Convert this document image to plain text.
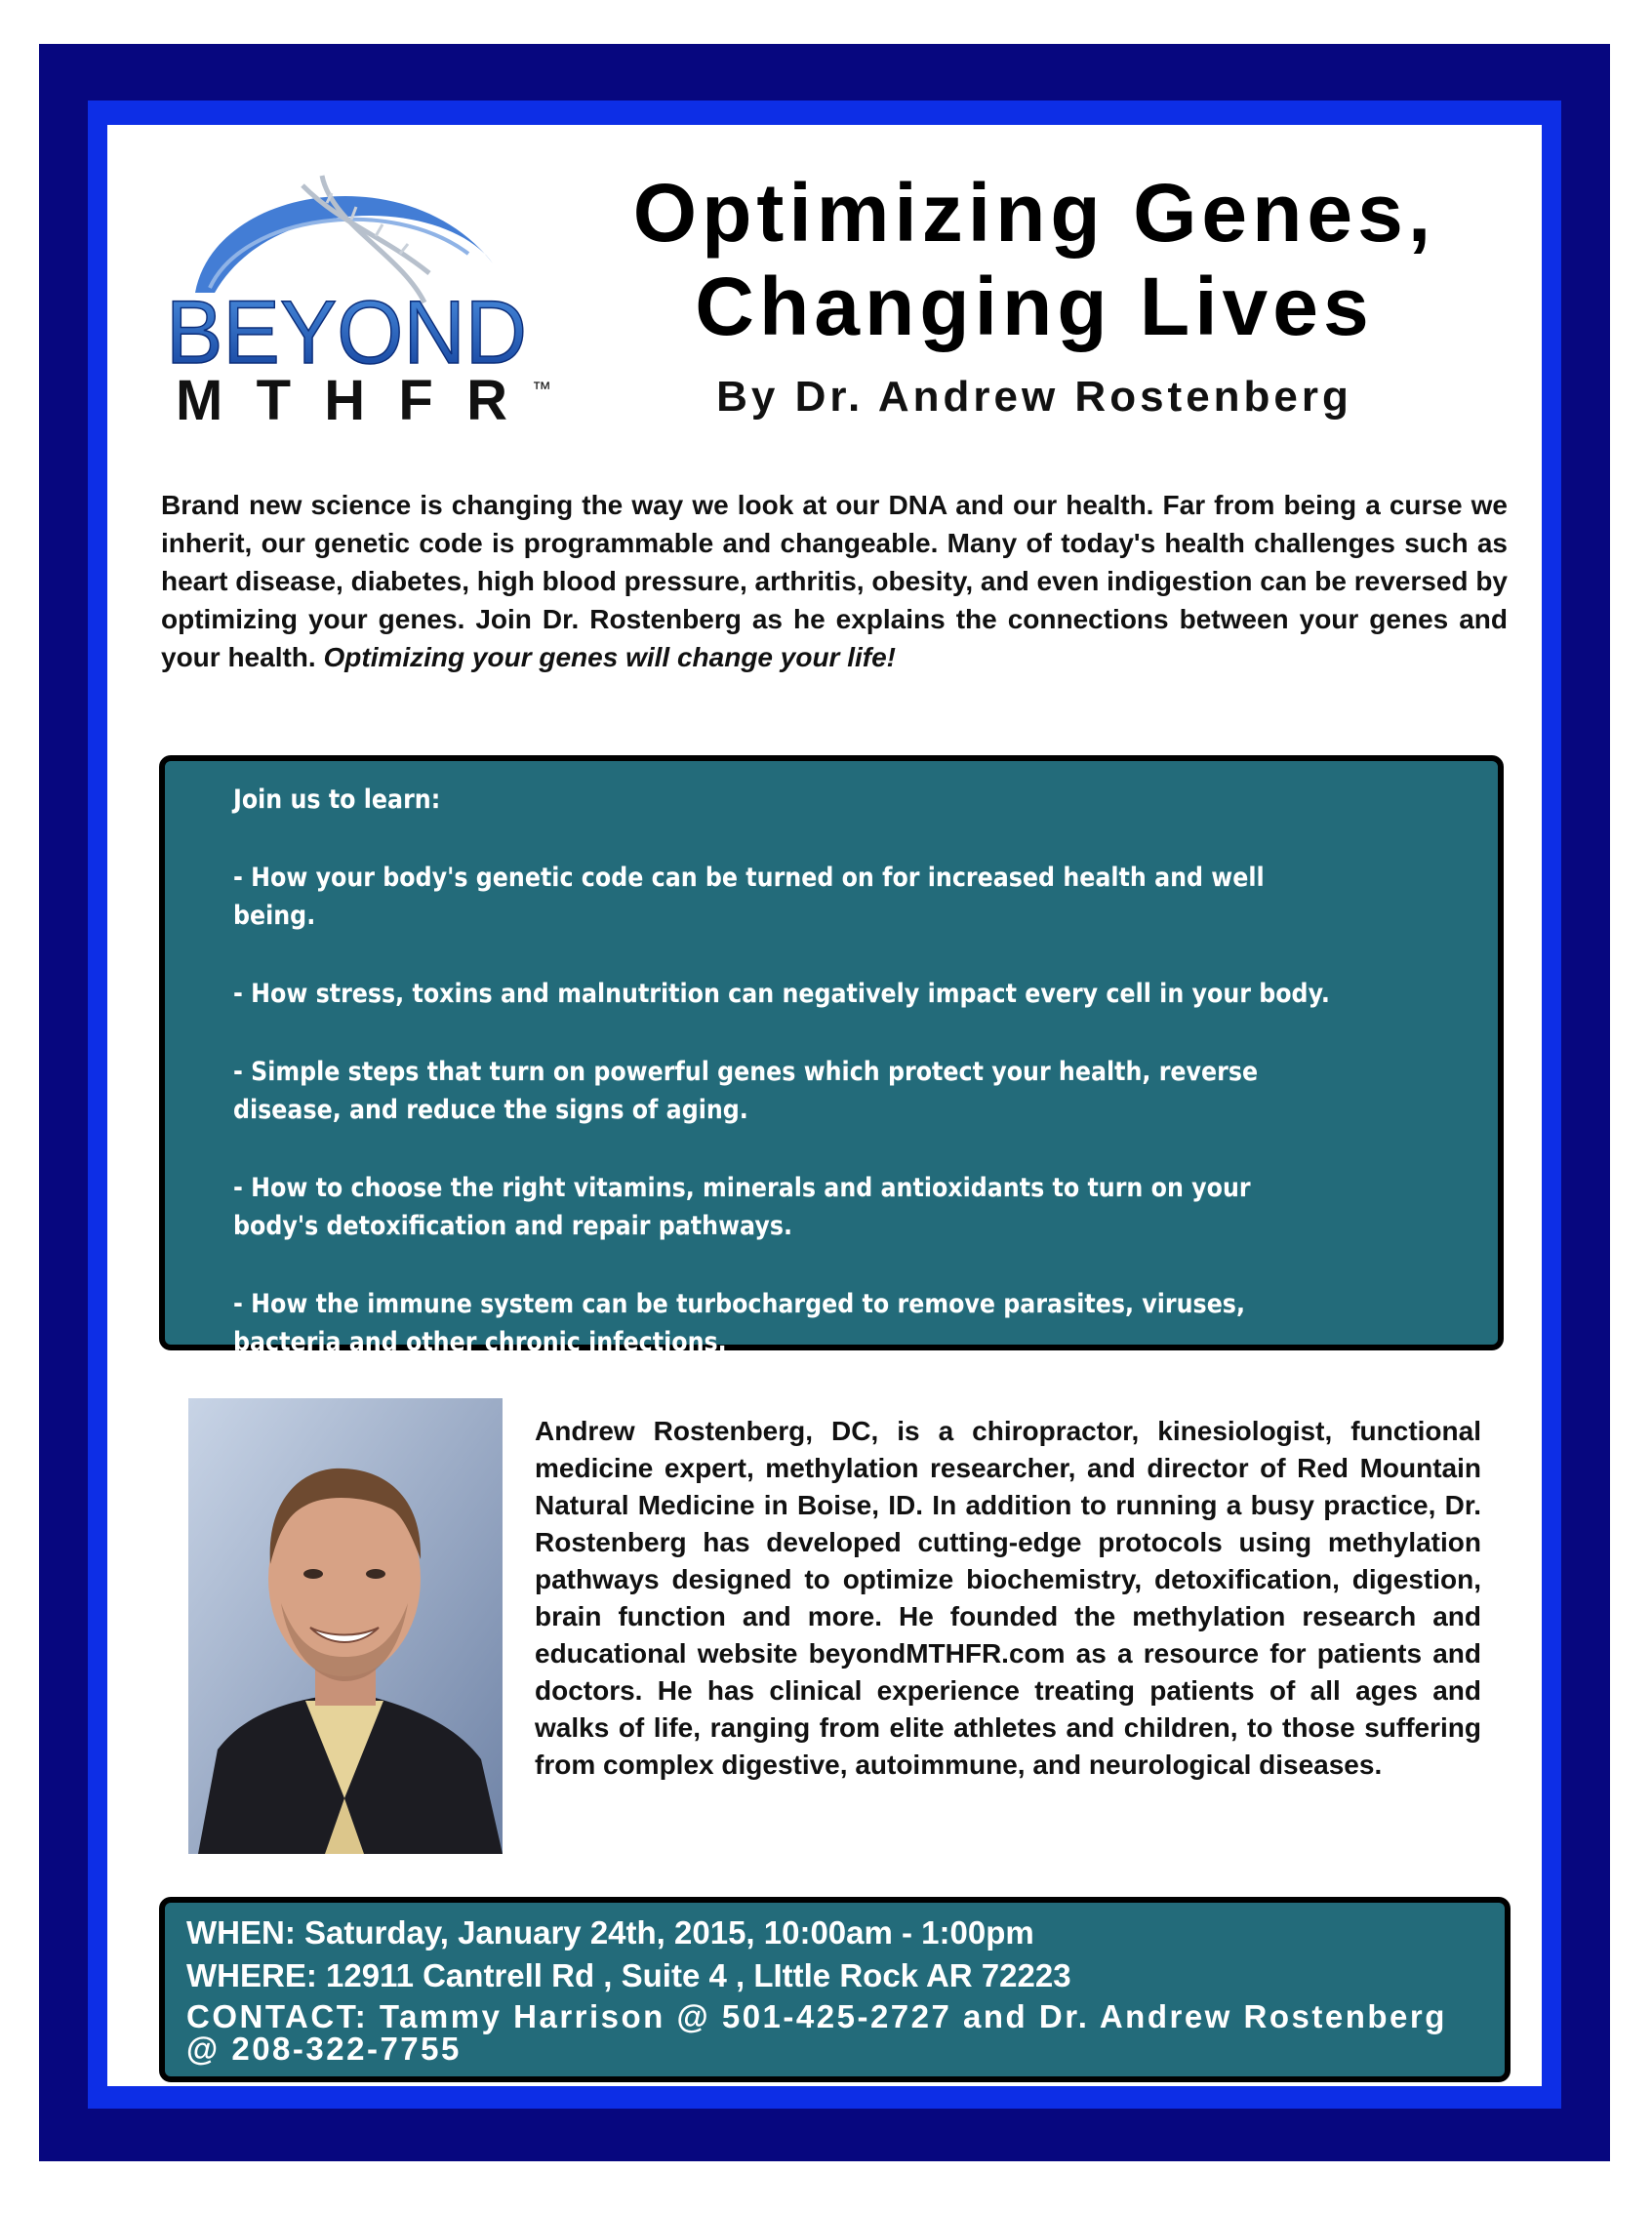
BEYOND
MTHFR ™
Optimizing Genes,
Changing Lives
By Dr. Andrew Rostenberg
Brand new science is changing the way we look at our DNA and our health. Far from being a curse we inherit, our genetic code is programmable and changeable. Many of today's health challenges such as heart disease, diabetes, high blood pressure, arthritis, obesity, and even indigestion can be reversed by optimizing your genes. Join Dr. Rostenberg as he explains the connections between your genes and your health. Optimizing your genes will change your life!

Join us to learn:

- How your body's genetic code can be turned on for increased health and well being.

- How stress, toxins and malnutrition can negatively impact every cell in your body.

- Simple steps that turn on powerful genes which protect your health, reverse disease, and reduce the signs of aging.

- How to choose the right vitamins, minerals and antioxidants to turn on your body's detoxification and repair pathways.

- How the immune system can be turbocharged to remove parasites, viruses, bacteria and other chronic infections.

Andrew Rostenberg, DC, is a chiropractor, kinesiologist, functional medicine expert, methylation researcher, and director of Red Mountain Natural Medicine in Boise, ID. In addition to running a busy practice, Dr. Rostenberg has developed cutting-edge protocols using methylation pathways designed to optimize biochemistry, detoxification, digestion, brain function and more. He founded the methylation research and educational website beyondMTHFR.com as a resource for patients and doctors. He has clinical experience treating patients of all ages and walks of life, ranging from elite athletes and children, to those suffering from complex digestive, autoimmune, and neurological diseases.
WHEN: Saturday, January 24th, 2015, 10:00am - 1:00pm
WHERE: 12911 Cantrell Rd , Suite 4 , LIttle Rock AR 72223
CONTACT: Tammy Harrison @ 501-425-2727 and Dr. Andrew Rostenberg @ 208-322-7755
